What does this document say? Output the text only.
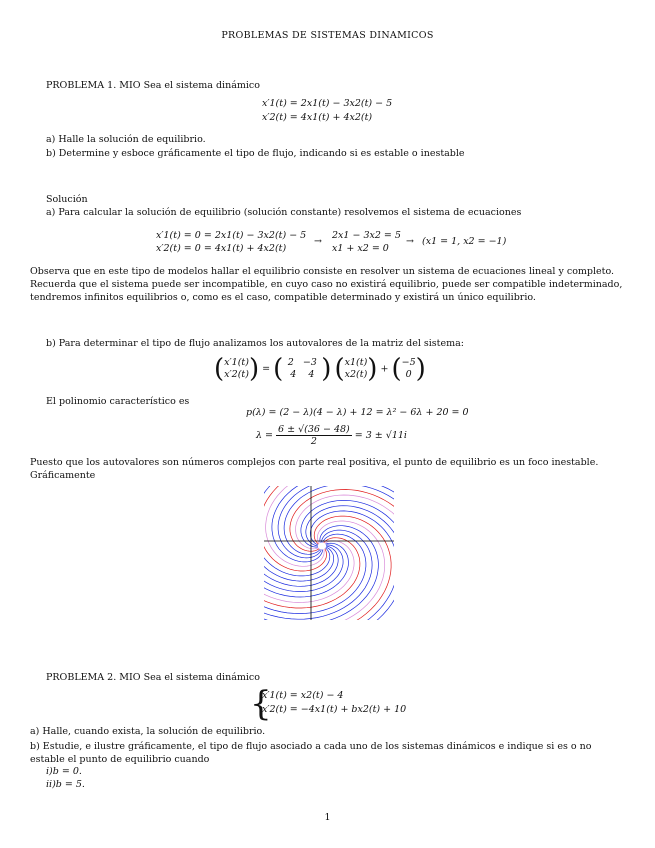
PROBLEMAS DE SISTEMAS DINAMICOS
PROBLEMA 1. MIO Sea el sistema dinámico
x′1(t) = 2x1(t) − 3x2(t) − 5
x′2(t) = 4x1(t) + 4x2(t)
a) Halle la solución de equilibrio.
b) Determine y esboce gráficamente el tipo de flujo, indicando si es estable o inestable
Solución
a) Para calcular la solución de equilibrio (solución constante) resolvemos el sistema de ecuaciones
x′1(t) = 0 = 2x1(t) − 3x2(t) − 5
x′2(t) = 0 = 4x1(t) + 4x2(t)
→
2x1 − 3x2 = 5
x1 + x2 = 0
→ (x1 = 1, x2 = −1)
Observa que en este tipo de modelos hallar el equilibrio consiste en resolver un sistema de ecuaciones lineal y completo. Recuerda que el sistema puede ser incompatible, en cuyo caso no existirá equilibrio, puede ser compatible indeterminado, tendremos infinitos equilibrios o, como es el caso, compatible determinado y existirá un único equilibrio.
b) Para determinar el tipo de flujo analizamos los autovalores de la matriz del sistema:
( x′1(t)
x′2(t) ) = ( 2 −3
4 4 ) ( x1(t)
x2(t) ) + ( −5
0 )
El polinomio característico es
p(λ) = (2 − λ)(4 − λ) + 12 = λ² − 6λ + 20 = 0
$\lambda = \frac{6 \pm √(36 - 48)}{2} = 3 \pm √11i$
Puesto que los autovalores son números complejos con parte real positiva, el punto de equilibrio es un foco inestable. Gráficamente
PROBLEMA 2. MIO Sea el sistema dinámico
{
x′1(t) = x2(t) − 4
x′2(t) = −4x1(t) + bx2(t) + 10
a) Halle, cuando exista, la solución de equilibrio.
b) Estudie, e ilustre gráficamente, el tipo de flujo asociado a cada uno de los sistemas dinámicos e indique si es o no estable el punto de equilibrio cuando
i)b = 0.
ii)b = 5.
1
